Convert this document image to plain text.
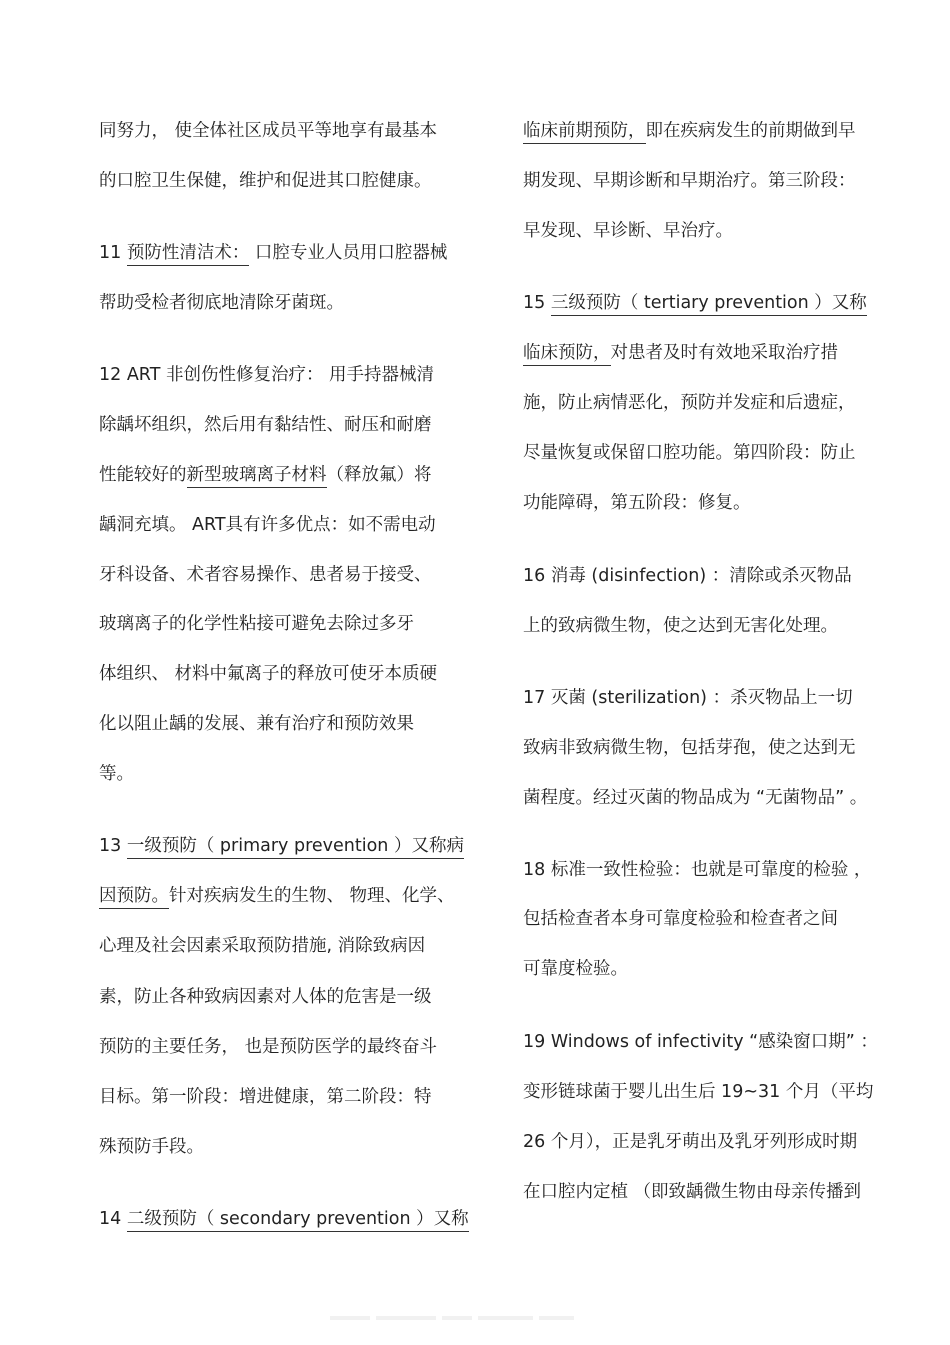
同努力， 使全体社区成员平等地享有最基本
的口腔卫生保健，维护和促进其口腔健康。
11 预防性清洁术： 口腔专业人员用口腔器械
帮助受检者彻底地清除牙菌斑。
12 ART 非创伤性修复治疗： 用手持器械清
除龋坏组织，然后用有黏结性、耐压和耐磨
性能较好的新型玻璃离子材料（释放氟）将
龋洞充填。 ART具有许多优点：如不需电动
牙科设备、术者容易操作、患者易于接受、
玻璃离子的化学性粘接可避免去除过多牙
体组织、 材料中氟离子的释放可使牙本质硬
化以阻止龋的发展、兼有治疗和预防效果
等。
13 一级预防（ primary prevention ）又称病
因预防。针对疾病发生的生物、 物理、化学、
心理及社会因素采取预防措施, 消除致病因
素，防止各种致病因素对人体的危害是一级
预防的主要任务， 也是预防医学的最终奋斗
目标。第一阶段：增进健康，第二阶段：特
殊预防手段。
14 二级预防（ secondary prevention ）又称
临床前期预防，即在疾病发生的前期做到早
期发现、早期诊断和早期治疗。第三阶段：
早发现、早诊断、早治疗。
15 三级预防（ tertiary prevention ）又称
临床预防，对患者及时有效地采取治疗措
施，防止病情恶化，预防并发症和后遗症，
尽量恢复或保留口腔功能。第四阶段：防止
功能障碍，第五阶段：修复。
16 消毒 (disinfection) ：清除或杀灭物品
上的致病微生物，使之达到无害化处理。
17 灭菌 (sterilization) ：杀灭物品上一切
致病非致病微生物，包括芽孢，使之达到无
菌程度。经过灭菌的物品成为 “无菌物品” 。
18 标准一致性检验：也就是可靠度的检验 ，
包括检查者本身可靠度检验和检查者之间
可靠度检验。
19 Windows of infectivity “感染窗口期” ：
变形链球菌于婴儿出生后 19~31 个月（平均
26 个月），正是乳牙萌出及乳牙列形成时期
在口腔内定植 （即致龋微生物由母亲传播到
